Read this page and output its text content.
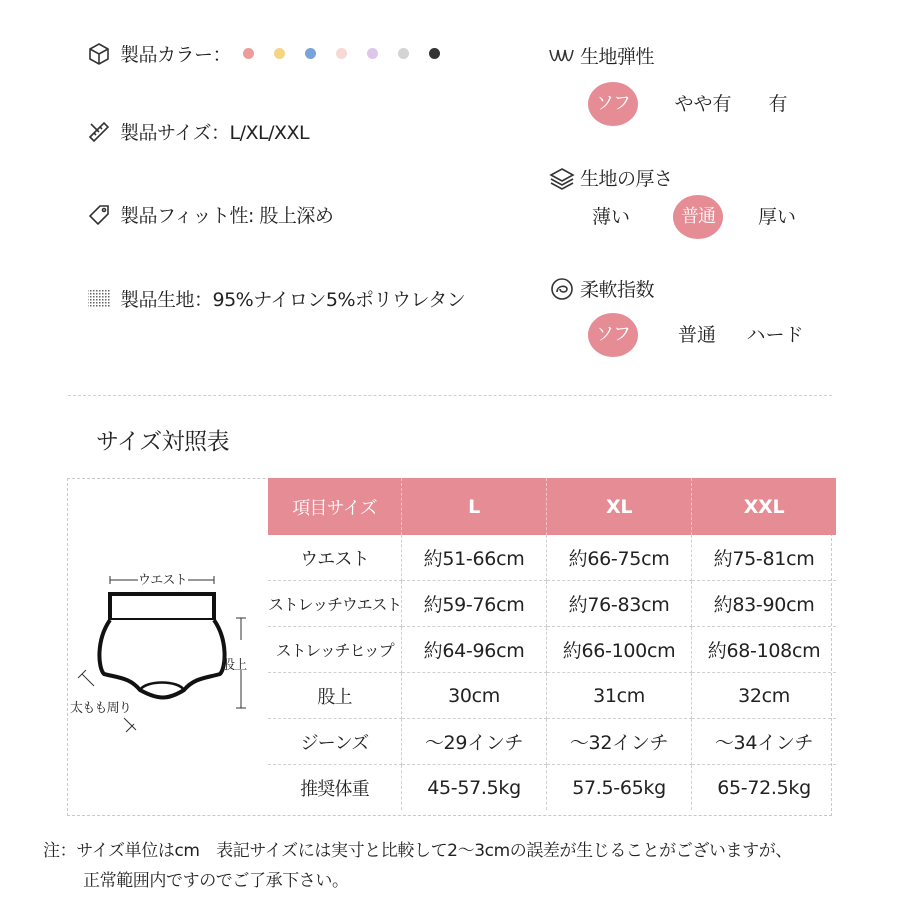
製品カラー：
製品サイズ：L/XL/XXL
製品フィット性: 股上深め
製品生地：95%ナイロン5%ポリウレタン
生地弾性
ソフト
やや有	有
生地の厚さ
薄い	普通	厚い
柔軟指数
ソフト
普通	ハード
サイズ対照表
ウエスト
股上
太もも周り
項目サイズ	L	XL	XXL
ウエスト	約51-66cm	約66-75cm	約75-81cm
ストレッチウエスト	約59-76cm	約76-83cm	約83-90cm
ストレッチヒップ	約64-96cm	約66-100cm	約68-108cm
股上	30cm	31cm	32cm
ジーンズ	～29インチ	～32インチ	～34インチ
推奨体重	45-57.5kg	57.5-65kg	65-72.5kg
注：サイズ単位はcm　表記サイズには実寸と比較して2～3cmの誤差が生じることがございますが、
正常範囲内ですのでご了承下さい。
